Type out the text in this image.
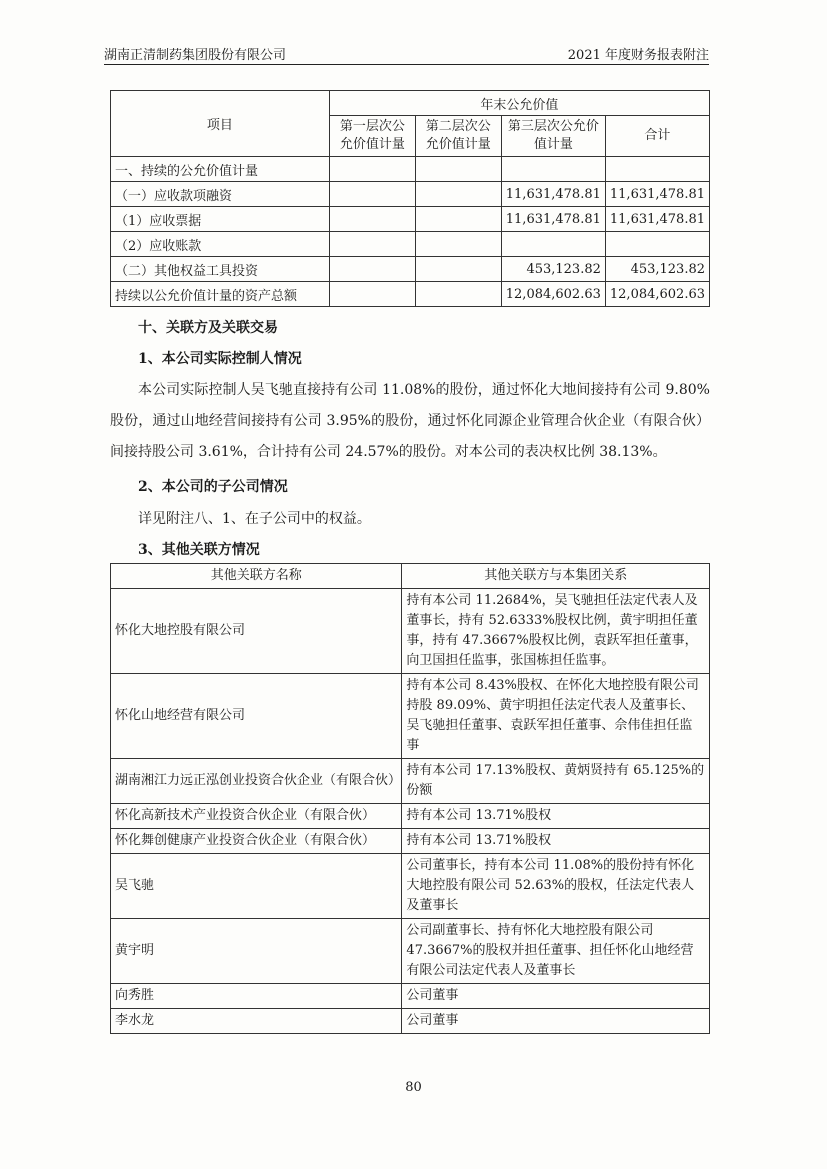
湖南正清制药集团股份有限公司	2021 年度财务报表附注
项目	年末公允价值			
	第一层次公允价值计量	第二层次公允价值计量	第三层次公允价值计量	合计
一、持续的公允价值计量				
（一）应收款项融资			11,631,478.81	11,631,478.81
（1）应收票据			11,631,478.81	11,631,478.81
（2）应收账款				
（二）其他权益工具投资			453,123.82	453,123.82
持续以公允价值计量的资产总额			12,084,602.63	12,084,602.63
十、关联方及关联交易
1、本公司实际控制人情况
本公司实际控制人吴飞驰直接持有公司 11.08%的股份，通过怀化大地间接持有公司 9.80%股份，通过山地经营间接持有公司 3.95%的股份，通过怀化同源企业管理合伙企业（有限合伙）间接持股公司 3.61%，合计持有公司 24.57%的股份。对本公司的表决权比例 38.13%。
2、本公司的子公司情况
详见附注八、1、在子公司中的权益。
3、其他关联方情况
其他关联方名称	其他关联方与本集团关系
怀化大地控股有限公司	持有本公司 11.2684%，吴飞驰担任法定代表人及董事长，持有 52.6333%股权比例，黄宇明担任董事，持有 47.3667%股权比例，袁跃军担任董事，向卫国担任监事，张国栋担任监事。
怀化山地经营有限公司	持有本公司 8.43%股权、在怀化大地控股有限公司持股 89.09%、黄宇明担任法定代表人及董事长、吴飞驰担任董事、袁跃军担任董事、佘伟佳担任监事
湖南湘江力远正泓创业投资合伙企业（有限合伙）	持有本公司 17.13%股权、黄炳贤持有 65.125%的份额
怀化高新技术产业投资合伙企业（有限合伙）	持有本公司 13.71%股权
怀化舞创健康产业投资合伙企业（有限合伙）	持有本公司 13.71%股权
吴飞驰	公司董事长，持有本公司 11.08%的股份持有怀化大地控股有限公司 52.63%的股权，任法定代表人及董事长
黄宇明	公司副董事长、持有怀化大地控股有限公司 47.3667%的股权并担任董事、担任怀化山地经营有限公司法定代表人及董事长
向秀胜	公司董事
李水龙	公司董事
80
